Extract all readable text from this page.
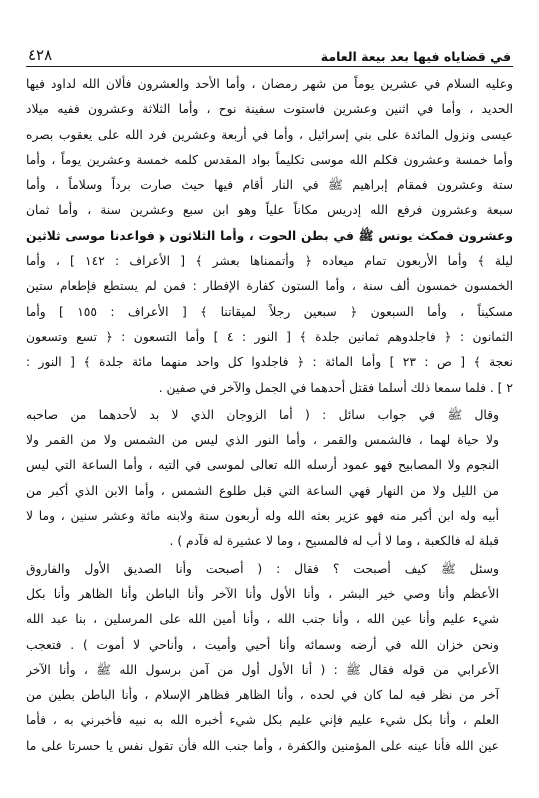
في قضاياه فيها بعد بيعة العامة
٤٢٨

وعليه السلام في عشرين يوماً من شهر رمضان ، وأما الأحد والعشرون فألان الله لداود فيها
الحديد ، وأما في اثنين وعشرين فاستوت سفينة نوح ، وأما الثلاثة وعشرون ففيه ميلاد
عيسى ونزول المائدة على بني إسرائيل ، وأما في أربعة وعشرين فرد الله على يعقوب بصره
وأما خمسة وعشرون فكلم الله موسى تكليماً بواد المقدس كلمه خمسة وعشرين يوماً ، وأما
ستة وعشرون فمقام إبراهيم ﷺ في النار أقام فيها حيث صارت برداً وسلاماً ، وأما
سبعة وعشرون فرفع الله إدريس مكاناً علياً وهو ابن سبع وعشرين سنة ، وأما ثمان
وعشرون فمكث يونس ﷺ في بطن الحوت ، وأما الثلاثون ﴿ فواعدنا موسى ثلاثين
ليلة ﴾ وأما الأربعون تمام ميعاده ﴿ وأتممناها بعشر ﴾ [ الأعراف : ١٤٢ ] ، وأما
الخمسون خمسون ألف سنة ، وأما الستون كفارة الإفطار : فمن لم يستطع فإطعام ستين
مسكيناً ، وأما السبعون ﴿ سبعين رجلاً لميقاتنا ﴾ [ الأعراف : ١٥٥ ] وأما
الثمانون : ﴿ فاجلدوهم ثمانين جلدة ﴾ [ النور : ٤ ] وأما التسعون : ﴿ تسع وتسعون
نعجة ﴾ [ ص : ٢٣ ] وأما المائة : ﴿ فاجلدوا كل واحد منهما مائة جلدة ﴾ [ النور :
٢ ] . فلما سمعا ذلك أسلما فقتل أحدهما في الجمل والآخر في صفين .

وقال ﷺ في جواب سائل : ( أما الزوجان الذي لا بد لأحدهما من صاحبه
ولا حياة لهما ، فالشمس والقمر ، وأما النور الذي ليس من الشمس ولا من القمر ولا
النجوم ولا المصابيح فهو عمود أرسله الله تعالى لموسى في التيه ، وأما الساعة التي ليس
من الليل ولا من النهار فهي الساعة التي قبل طلوع الشمس ، وأما الابن الذي أكبر من
أبيه وله ابن أكبر منه فهو عزير بعثه الله وله أربعون سنة ولابنه مائة وعشر سنين ، وما لا
قبلة له فالكعبة ، وما لا أب له فالمسيح ، وما لا عشيرة له فآدم ) .

وسئل ﷺ كيف أصبحت ؟ فقال : ( أصبحت وأنا الصديق الأول والفاروق
الأعظم وأنا وصي خير البشر ، وأنا الأول وأنا الآخر وأنا الباطن وأنا الظاهر وأنا بكل
شيء عليم وأنا عين الله ، وأنا جنب الله ، وأنا أمين الله على المرسلين ، بنا عبد الله
ونحن خزان الله في أرضه وسمائه وأنا أحيي وأميت ، وأناحي لا أموت ) . فتعجب
الأعرابي من قوله فقال ﷺ : ( أنا الأول أول من آمن برسول الله ﷺ ، وأنا الآخر
آخر من نظر فيه لما كان في لحده ، وأنا الظاهر فظاهر الإسلام ، وأنا الباطن بطين من
العلم ، وأنا بكل شيء عليم فإني عليم بكل شيء أخبره الله به نبيه فأخبرني به ، فأما
عين الله فأنا عينه على المؤمنين والكفرة ، وأما جنب الله فأن تقول نفس يا حسرتا على ما
